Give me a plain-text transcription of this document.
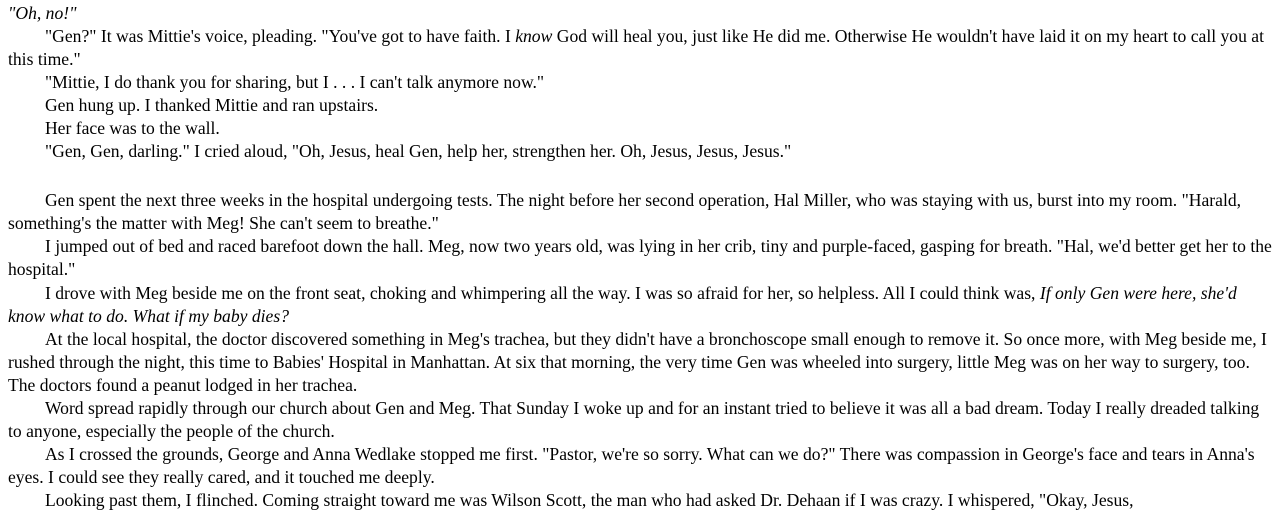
"Oh, no!"

"Gen?" It was Mittie's voice, pleading. "You've got to have faith. I know God will heal you, just like He did me. Otherwise He wouldn't have laid it on my heart to call you at this time."

"Mittie, I do thank you for sharing, but I . . . I can't talk anymore now."

Gen hung up. I thanked Mittie and ran upstairs.

Her face was to the wall.

"Gen, Gen, darling." I cried aloud, "Oh, Jesus, heal Gen, help her, strengthen her. Oh, Jesus, Jesus, Jesus."

Gen spent the next three weeks in the hospital undergoing tests. The night before her second operation, Hal Miller, who was staying with us, burst into my room. "Harald, something's the matter with Meg! She can't seem to breathe."

I jumped out of bed and raced barefoot down the hall. Meg, now two years old, was lying in her crib, tiny and purple-faced, gasping for breath. "Hal, we'd better get her to the hospital."

I drove with Meg beside me on the front seat, choking and whimpering all the way. I was so afraid for her, so helpless. All I could think was, If only Gen were here, she'd know what to do. What if my baby dies?

At the local hospital, the doctor discovered something in Meg's trachea, but they didn't have a bronchoscope small enough to remove it. So once more, with Meg beside me, I rushed through the night, this time to Babies' Hospital in Manhattan. At six that morning, the very time Gen was wheeled into surgery, little Meg was on her way to surgery, too. The doctors found a peanut lodged in her trachea.

Word spread rapidly through our church about Gen and Meg. That Sunday I woke up and for an instant tried to believe it was all a bad dream. Today I really dreaded talking to anyone, especially the people of the church.

As I crossed the grounds, George and Anna Wedlake stopped me first. "Pastor, we're so sorry. What can we do?" There was compassion in George's face and tears in Anna's eyes. I could see they really cared, and it touched me deeply.

Looking past them, I flinched. Coming straight toward me was Wilson Scott, the man who had asked Dr. Dehaan if I was crazy. I whispered, "Okay, Jesus,
